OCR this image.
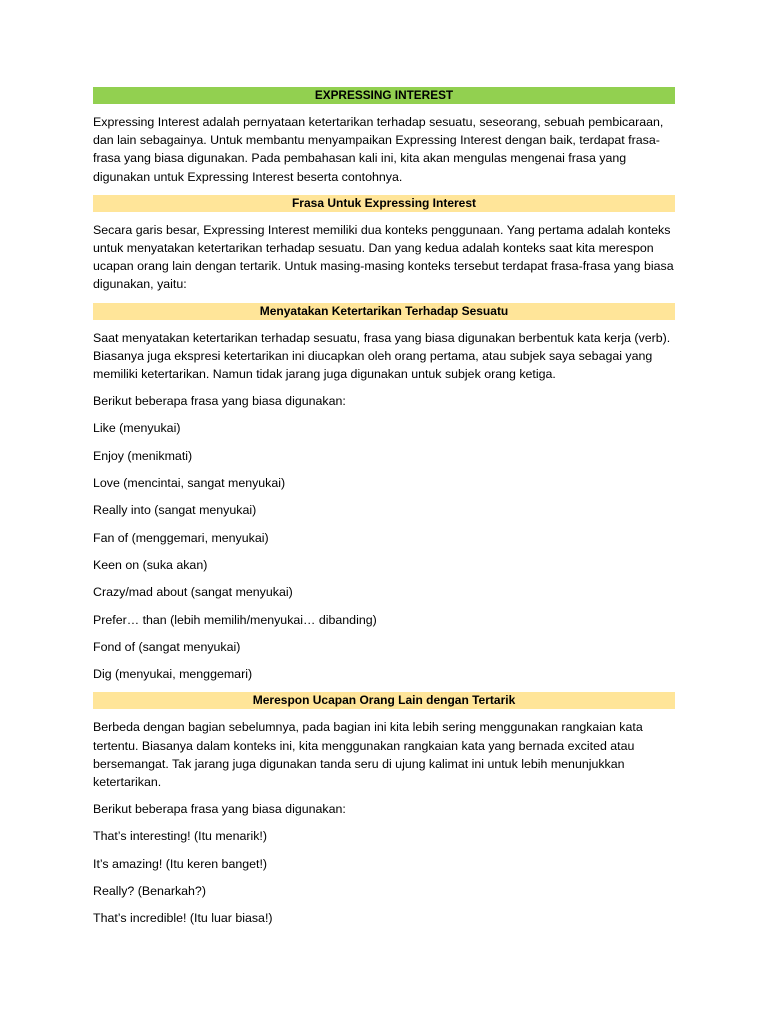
EXPRESSING INTEREST

Expressing Interest adalah pernyataan ketertarikan terhadap sesuatu, seseorang, sebuah pembicaraan, dan lain sebagainya. Untuk membantu menyampaikan Expressing Interest dengan baik, terdapat frasa-frasa yang biasa digunakan. Pada pembahasan kali ini, kita akan mengulas mengenai frasa yang digunakan untuk Expressing Interest beserta contohnya.

Frasa Untuk Expressing Interest

Secara garis besar, Expressing Interest memiliki dua konteks penggunaan. Yang pertama adalah konteks untuk menyatakan ketertarikan terhadap sesuatu. Dan yang kedua adalah konteks saat kita merespon ucapan orang lain dengan tertarik. Untuk masing-masing konteks tersebut terdapat frasa-frasa yang biasa digunakan, yaitu:

Menyatakan Ketertarikan Terhadap Sesuatu

Saat menyatakan ketertarikan terhadap sesuatu, frasa yang biasa digunakan berbentuk kata kerja (verb). Biasanya juga ekspresi ketertarikan ini diucapkan oleh orang pertama, atau subjek saya sebagai yang memiliki ketertarikan. Namun tidak jarang juga digunakan untuk subjek orang ketiga.

Berikut beberapa frasa yang biasa digunakan:

Like (menyukai)
Enjoy (menikmati)
Love (mencintai, sangat menyukai)
Really into (sangat menyukai)
Fan of (menggemari, menyukai)
Keen on (suka akan)
Crazy/mad about (sangat menyukai)
Prefer… than (lebih memilih/menyukai… dibanding)
Fond of (sangat menyukai)
Dig (menyukai, menggemari)
Merespon Ucapan Orang Lain dengan Tertarik

Berbeda dengan bagian sebelumnya, pada bagian ini kita lebih sering menggunakan rangkaian kata tertentu. Biasanya dalam konteks ini, kita menggunakan rangkaian kata yang bernada excited atau bersemangat. Tak jarang juga digunakan tanda seru di ujung kalimat ini untuk lebih menunjukkan ketertarikan.

Berikut beberapa frasa yang biasa digunakan:

That’s interesting! (Itu menarik!)
It’s amazing! (Itu keren banget!)
Really? (Benarkah?)
That’s incredible! (Itu luar biasa!)
